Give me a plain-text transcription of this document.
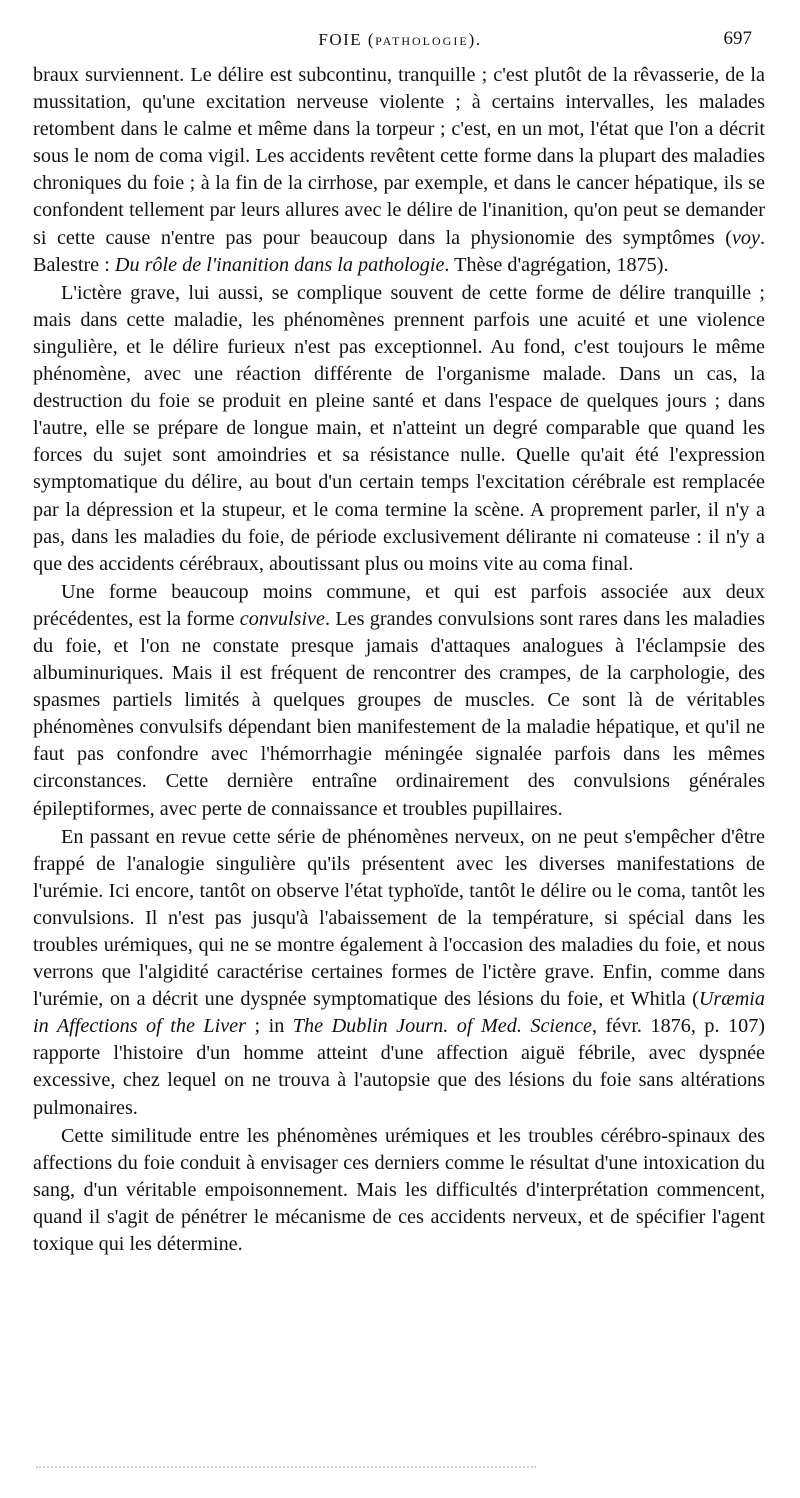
FOIE (PATHOLOGIE).	697

braux surviennent. Le délire est subcontinu, tranquille ; c'est plutôt de la rêvasserie, de la mussitation, qu'une excitation nerveuse violente ; à certains intervalles, les malades retombent dans le calme et même dans la torpeur ; c'est, en un mot, l'état que l'on a décrit sous le nom de coma vigil. Les accidents revêtent cette forme dans la plupart des maladies chroniques du foie ; à la fin de la cirrhose, par exemple, et dans le cancer hépatique, ils se confondent tellement par leurs allures avec le délire de l'inanition, qu'on peut se demander si cette cause n'entre pas pour beaucoup dans la physionomie des symptômes (voy. Balestre : Du rôle de l'inanition dans la pathologie. Thèse d'agrégation, 1875).

L'ictère grave, lui aussi, se complique souvent de cette forme de délire tranquille ; mais dans cette maladie, les phénomènes prennent parfois une acuité et une violence singulière, et le délire furieux n'est pas exceptionnel. Au fond, c'est toujours le même phénomène, avec une réaction différente de l'organisme malade. Dans un cas, la destruction du foie se produit en pleine santé et dans l'espace de quelques jours ; dans l'autre, elle se prépare de longue main, et n'atteint un degré comparable que quand les forces du sujet sont amoindries et sa résistance nulle. Quelle qu'ait été l'expression symptomatique du délire, au bout d'un certain temps l'excitation cérébrale est remplacée par la dépression et la stupeur, et le coma termine la scène. A proprement parler, il n'y a pas, dans les maladies du foie, de période exclusivement délirante ni comateuse : il n'y a que des accidents cérébraux, aboutissant plus ou moins vite au coma final.

Une forme beaucoup moins commune, et qui est parfois associée aux deux précédentes, est la forme convulsive. Les grandes convulsions sont rares dans les maladies du foie, et l'on ne constate presque jamais d'attaques analogues à l'éclampsie des albuminuriques. Mais il est fréquent de rencontrer des crampes, de la carphologie, des spasmes partiels limités à quelques groupes de muscles. Ce sont là de véritables phénomènes convulsifs dépendant bien manifestement de la maladie hépatique, et qu'il ne faut pas confondre avec l'hémorrhagie méningée signalée parfois dans les mêmes circonstances. Cette dernière entraîne ordinairement des convulsions générales épileptiformes, avec perte de connaissance et troubles pupillaires.

En passant en revue cette série de phénomènes nerveux, on ne peut s'empêcher d'être frappé de l'analogie singulière qu'ils présentent avec les diverses manifestations de l'urémie. Ici encore, tantôt on observe l'état typhoïde, tantôt le délire ou le coma, tantôt les convulsions. Il n'est pas jusqu'à l'abaissement de la température, si spécial dans les troubles urémiques, qui ne se montre également à l'occasion des maladies du foie, et nous verrons que l'algidité caractérise certaines formes de l'ictère grave. Enfin, comme dans l'urémie, on a décrit une dyspnée symptomatique des lésions du foie, et Whitla (Uræmia in Affections of the Liver ; in The Dublin Journ. of Med. Science, févr. 1876, p. 107) rapporte l'histoire d'un homme atteint d'une affection aiguë fébrile, avec dyspnée excessive, chez lequel on ne trouva à l'autopsie que des lésions du foie sans altérations pulmonaires.

Cette similitude entre les phénomènes urémiques et les troubles cérébro-spinaux des affections du foie conduit à envisager ces derniers comme le résultat d'une intoxication du sang, d'un véritable empoisonnement. Mais les difficultés d'interprétation commencent, quand il s'agit de pénétrer le mécanisme de ces accidents nerveux, et de spécifier l'agent toxique qui les détermine.
